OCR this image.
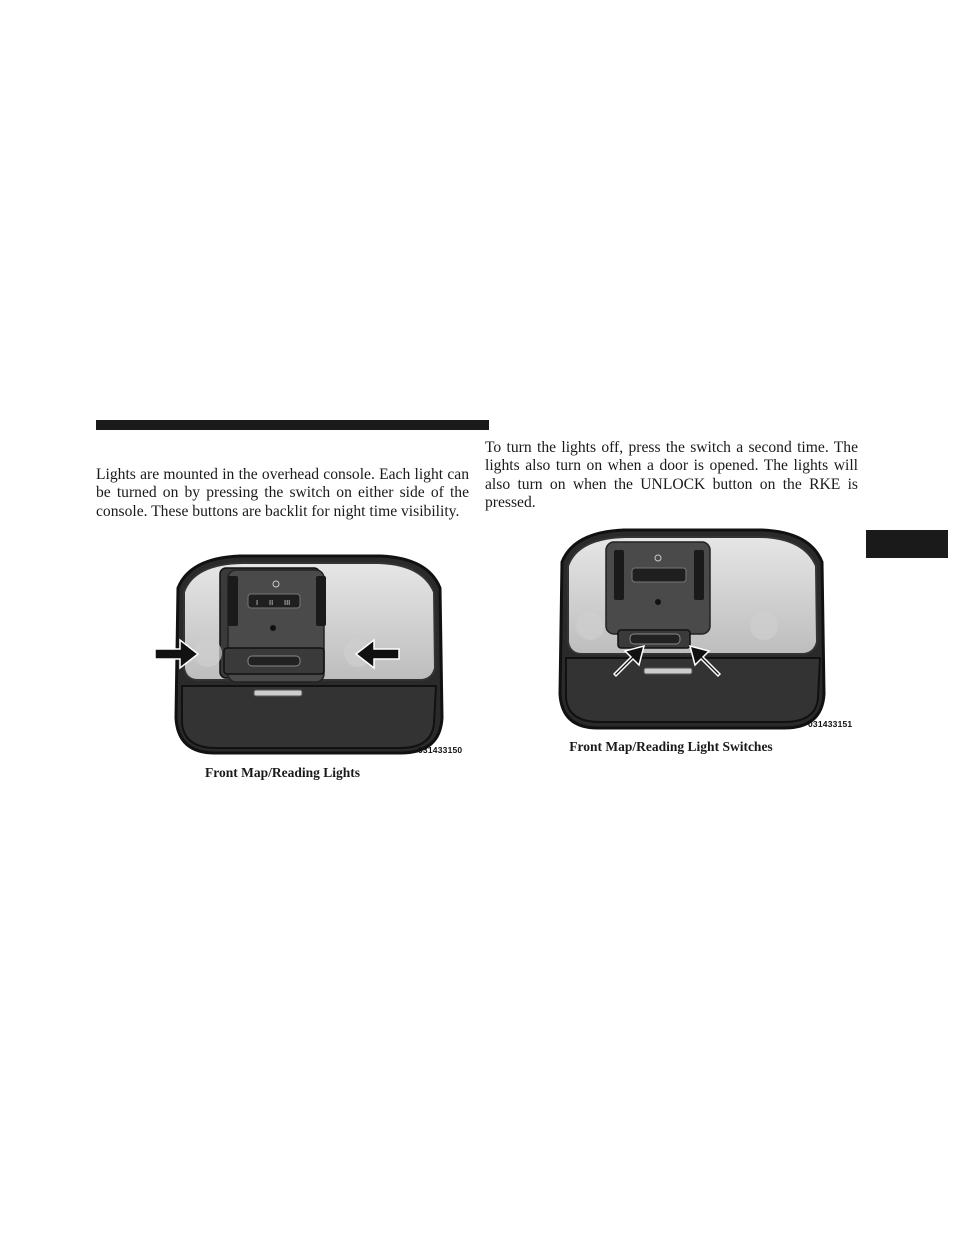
Lights are mounted in the overhead console. Each light can be turned on by pressing the switch on either side of the console. These buttons are backlit for night time visibility.

To turn the lights off, press the switch a second time. The lights also turn on when a door is opened. The lights will also turn on when the UNLOCK button on the RKE is pressed.

I II III
031433150
Front Map/Reading Lights
031433151
Front Map/Reading Light Switches
